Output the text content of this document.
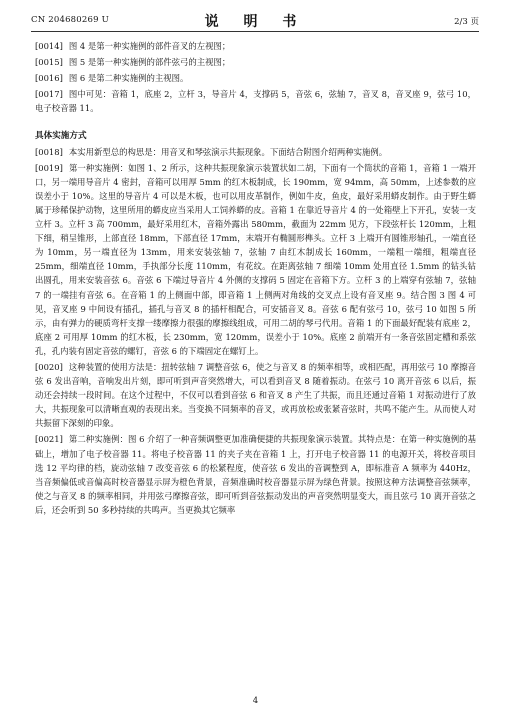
CN 204680269 U	说 明 书	2/3 页

[0014] 图 4 是第一种实施例的部件音叉的左视图；

[0015] 图 5 是第一种实施例的部件弦弓的主视图；

[0016] 图 6 是第二种实施例的主视图。

[0017] 图中可见：音箱 1，底座 2，立杆 3，导音片 4，支撑码 5，音弦 6，弦轴 7，音叉 8，音叉座 9，弦弓 10，电子校音器 11。

具体实施方式

[0018] 本实用新型总的构思是：用音叉和琴弦演示共振现象。下面结合附图介绍两种实施例。

[0019] 第一种实施例：如图 1、2 所示，这种共振现象演示装置状如二胡，下面有一个筒状的音箱 1，音箱 1 一端开口，另一端用导音片 4 密封，音箱可以用厚 5mm 的红木板制成，长 190mm，宽 94mm，高 50mm，上述参数的应误差小于 10%。这里的导音片 4 可以是木板，也可以用皮革制作，例如牛皮，鱼皮，最好采用蟒皮制作。由于野生蟒属于珍稀保护动物，这里所用的蟒皮应当采用人工饲养蟒的皮。音箱 1 在靠近导音片 4 的一处箱壁上下开孔，安装一支立杆 3。立杆 3 高 700mm，最好采用红木，音箱外露出 580mm，截面为 22mm 见方，下段弦杆长 120mm，上粗下细，稍呈锥形，上部直径 18mm，下部直径 17mm，末端开有椭圆形榫头。立杆 3 上端开有圆锥形轴孔，一端直径为 10mm，另一端直径为 13mm，用来安装弦轴 7，弦轴 7 由红木制成长 160mm，一端粗一端细，粗端直径 25mm，细端直径 10mm，手执部分长度 110mm，有花纹。在距离弦轴 7 细端 10mm 处用直径 1.5mm 的钻头钻出圆孔，用来安装音弦 6。音弦 6 下端过导音片 4 外侧的支撑码 5 固定在音箱下方。立杆 3 的上端穿有弦轴 7，弦轴 7 的一端挂有音弦 6。在音箱 1 的上侧面中部，即音箱 1 上侧两对角线的交叉点上设有音叉座 9。结合图 3 图 4 可见，音叉座 9 中间设有插孔，插孔与音叉 8 的插杆相配合，可安插音叉 8。音弦 6 配有弦弓 10，弦弓 10 如图 5 所示，由有弹力的硬质弯杆支撑一缕摩擦力很强的摩擦线组成，可用二胡的琴弓代用。音箱 1 的下面最好配装有底座 2，底座 2 可用厚 10mm 的红木板，长 230mm，宽 120mm，误差小于 10%。底座 2 前端开有一条音弦固定槽和系弦孔，孔内装有固定音弦的螺钉，音弦 6 的下端固定在螺钉上。

[0020] 这种装置的使用方法是：扭转弦轴 7 调整音弦 6，使之与音叉 8 的频率相等，或相匹配，再用弦弓 10 摩擦音弦 6 发出音响，音响发出片刻，即可听到声音突然增大，可以看到音叉 8 随着振动。在弦弓 10 离开音弦 6 以后，振动还会持续一段时间。在这个过程中，不仅可以看到音弦 6 和音叉 8 产生了共振，而且还通过音箱 1 对振动进行了放大，共振现象可以清晰直观的表现出来。当变换不同频率的音叉，或再放松或张紧音弦时，共鸣不能产生。从而使人对共振留下深刻的印象。

[0021] 第二种实施例：图 6 介绍了一种音频调整更加准确便捷的共振现象演示装置。其特点是：在第一种实施例的基础上，增加了电子校音器 11。将电子校音器 11 的夹子夹在音箱 1 上，打开电子校音器 11 的电源开关，将校音项目选 12 平均律的档，旋动弦轴 7 改变音弦 6 的松紧程度，使音弦 6 发出的音调整到 A，即标准音 A 频率为 440Hz，当音频偏低或音偏高时校音器显示屏为橙色背景，音频准确时校音器显示屏为绿色背景。按照这种方法调整音弦频率，使之与音叉 8 的频率相同，并用弦弓摩擦音弦，即可听到音弦振动发出的声音突然明显变大，而且弦弓 10 离开音弦之后，还会听到 50 多秒持续的共鸣声。当更换其它频率

4
